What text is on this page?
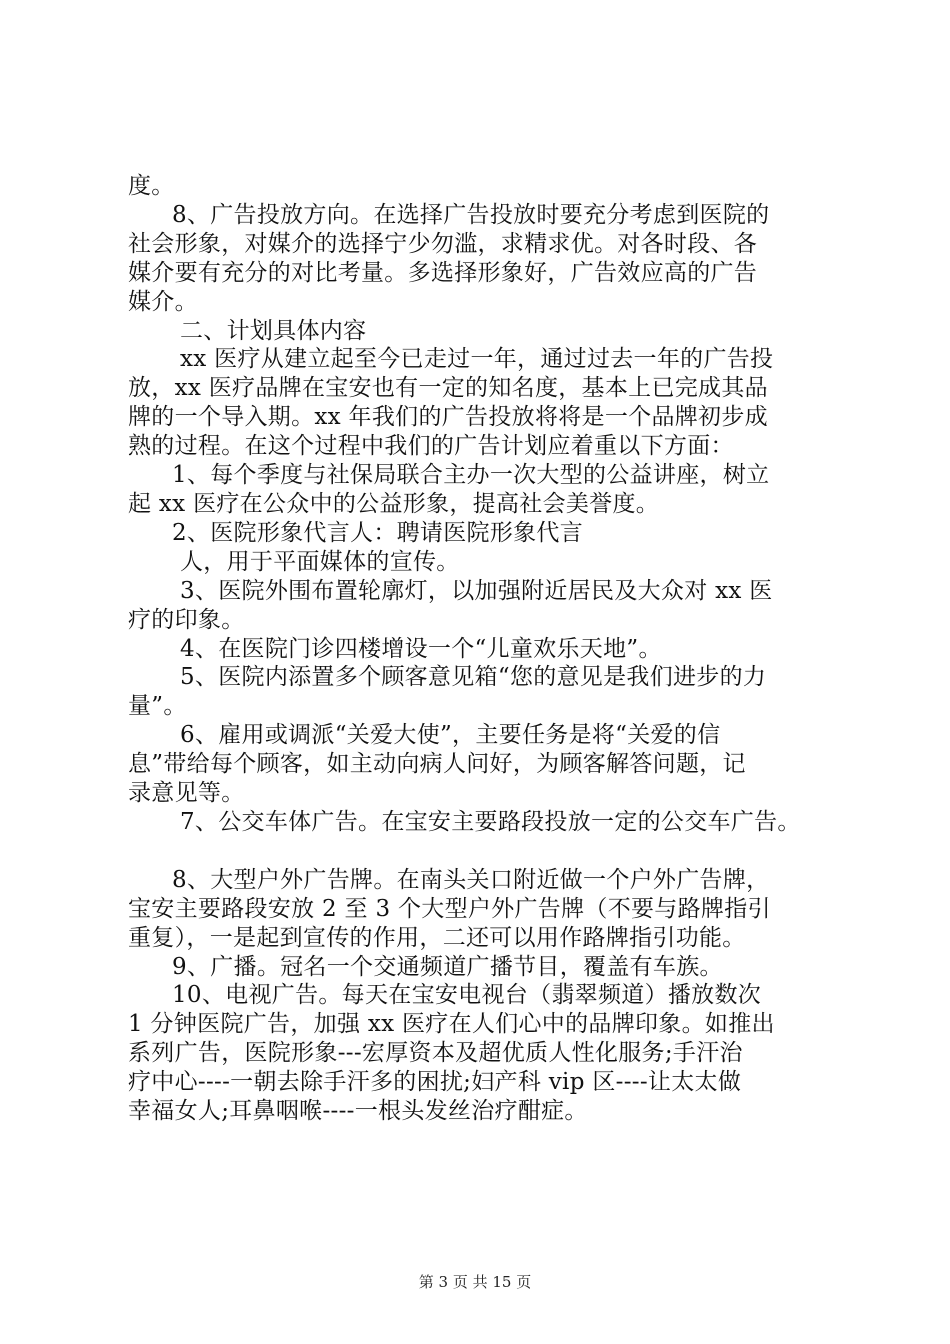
度。
8、广告投放方向。在选择广告投放时要充分考虑到医院的
社会形象，对媒介的选择宁少勿滥，求精求优。对各时段、各
媒介要有充分的对比考量。多选择形象好，广告效应高的广告
媒介。
二、计划具体内容
xx 医疗从建立起至今已走过一年，通过过去一年的广告投
放，xx 医疗品牌在宝安也有一定的知名度，基本上已完成其品
牌的一个导入期。xx 年我们的广告投放将将是一个品牌初步成
熟的过程。在这个过程中我们的广告计划应着重以下方面：
1、每个季度与社保局联合主办一次大型的公益讲座，树立
起 xx 医疗在公众中的公益形象，提高社会美誉度。
2、医院形象代言人：聘请医院形象代言
人，用于平面媒体的宣传。
3、医院外围布置轮廓灯，以加强附近居民及大众对 xx 医
疗的印象。
4、在医院门诊四楼增设一个“儿童欢乐天地”。
5、医院内添置多个顾客意见箱“您的意见是我们进步的力
量”。
6、雇用或调派“关爱大使”，主要任务是将“关爱的信
息”带给每个顾客，如主动向病人问好，为顾客解答问题，记
录意见等。
7、公交车体广告。在宝安主要路段投放一定的公交车广告。
8、大型户外广告牌。在南头关口附近做一个户外广告牌，
宝安主要路段安放 2 至 3 个大型户外广告牌（不要与路牌指引
重复），一是起到宣传的作用，二还可以用作路牌指引功能。
9、广播。冠名一个交通频道广播节目，覆盖有车族。
10、电视广告。每天在宝安电视台（翡翠频道）播放数次
1 分钟医院广告，加强 xx 医疗在人们心中的品牌印象。如推出
系列广告，医院形象---宏厚资本及超优质人性化服务;手汗治
疗中心----一朝去除手汗多的困扰;妇产科 vip 区----让太太做
幸福女人;耳鼻咽喉----一根头发丝治疗酣症。
第 3 页 共 15 页
